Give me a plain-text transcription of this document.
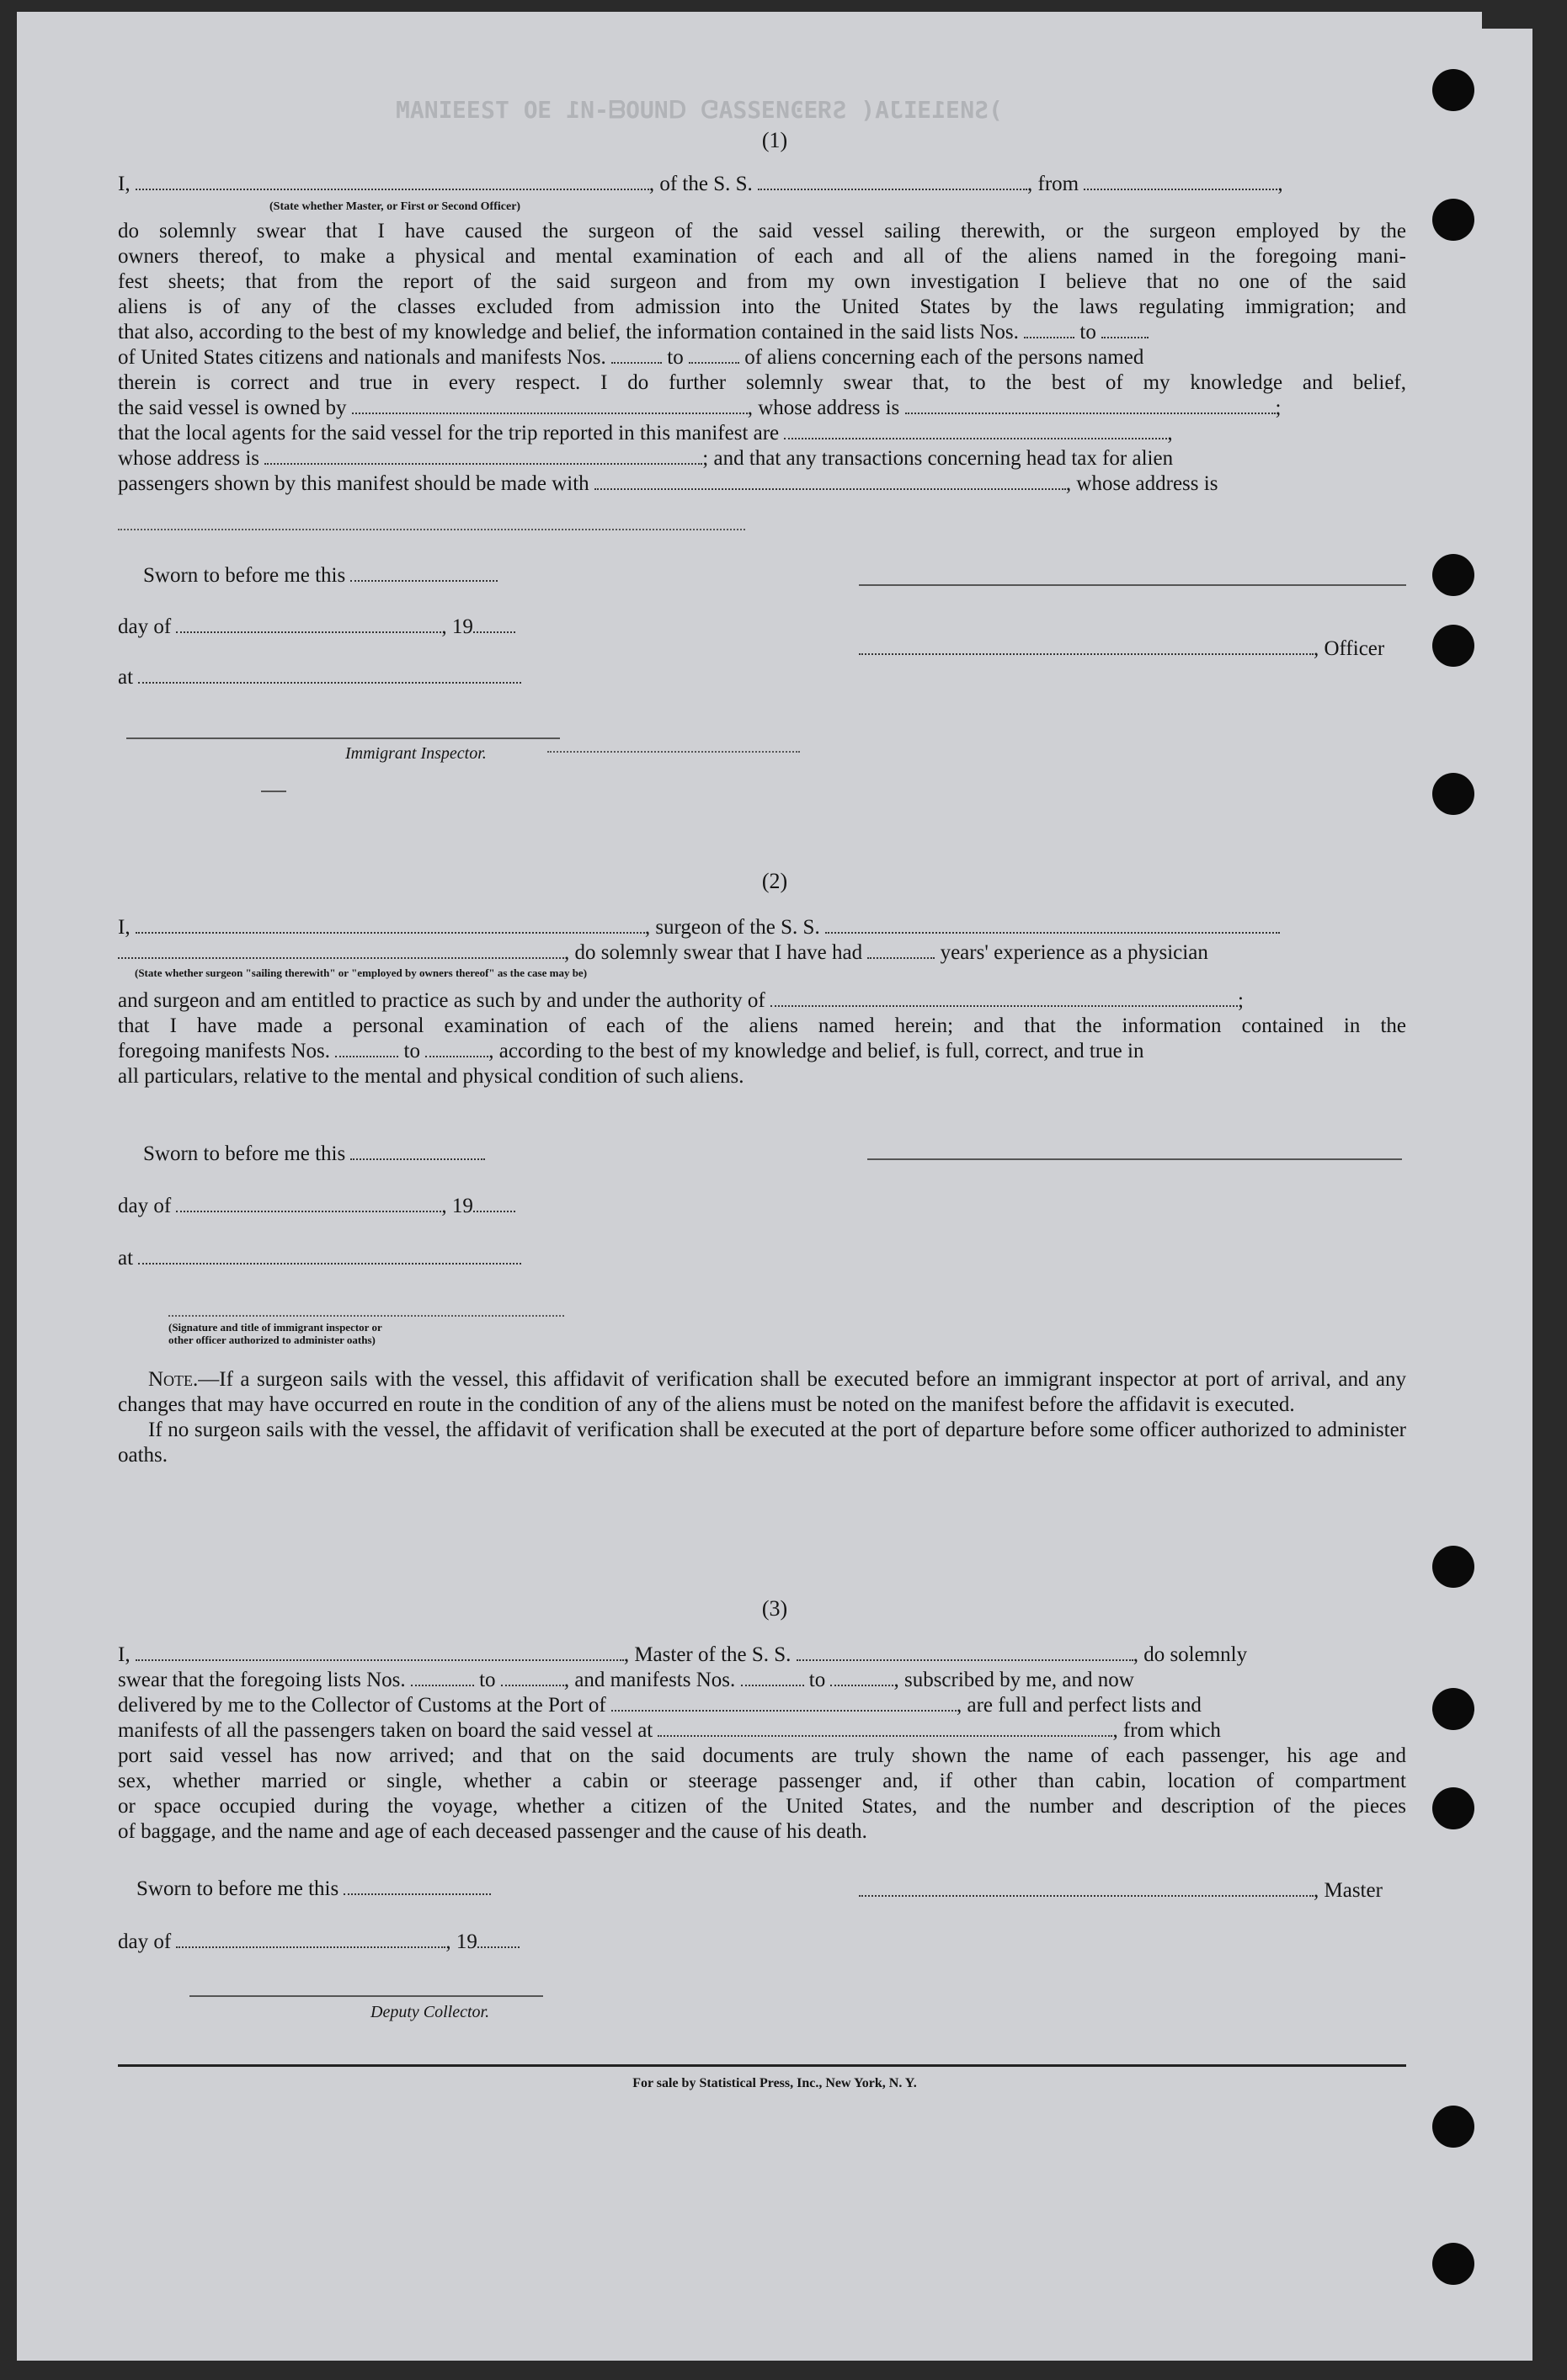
)SИƎ1ƎIJA( SЯƎϿИƎƧƧA⅁ ᗡИUOᗺ-И1 ƎO TƧƎƎIИAM
(1)
I,	, of the S. S.	, from	,
(State whether Master, or First or Second Officer)
do solemnly swear that I have caused the surgeon of the said vessel sailing therewith, or the surgeon employed by the
owners thereof, to make a physical and mental examination of each and all of the aliens named in the foregoing mani-
fest sheets; that from the report of the said surgeon and from my own investigation I believe that no one of the said
aliens is of any of the classes excluded from admission into the United States by the laws regulating immigration; and
that also, according to the best of my knowledge and belief, the information contained in the said lists Nos.	to
of United States citizens and nationals and manifests Nos.	to	of aliens concerning each of the persons named
therein is correct and true in every respect. I do further solemnly swear that, to the best of my knowledge and belief,
the said vessel is owned by	, whose address is	;
that the local agents for the said vessel for the trip reported in this manifest are	,
whose address is	; and that any transactions concerning head tax for alien
passengers shown by this manifest should be made with	, whose address is
Sworn to before me this
day of	, 19
, Officer
at
Immigrant Inspector.
(2)
I,	, surgeon of the S. S.
, do solemnly swear that I have had	years' experience as a physician
(State whether surgeon "sailing therewith" or "employed by owners thereof" as the case may be)
and surgeon and am entitled to practice as such by and under the authority of	;
that I have made a personal examination of each of the aliens named herein; and that the information contained in the
foregoing manifests Nos.	to	, according to the best of my knowledge and belief, is full, correct, and true in
all particulars, relative to the mental and physical condition of such aliens.
Sworn to before me this
day of	, 19
at
(Signature and title of immigrant inspector or
other officer authorized to administer oaths)

Note.—If a surgeon sails with the vessel, this affidavit of verification shall be executed before an immigrant inspector at port of arrival, and any changes that may have occurred en route in the condition of any of the aliens must be noted on the manifest before the affidavit is executed.

If no surgeon sails with the vessel, the affidavit of verification shall be executed at the port of departure before some officer authorized to administer oaths.

(3)
I,	, Master of the S. S.	, do solemnly
swear that the foregoing lists Nos.	to	, and manifests Nos.	to	, subscribed by me, and now
delivered by me to the Collector of Customs at the Port of	, are full and perfect lists and
manifests of all the passengers taken on board the said vessel at	, from which
port said vessel has now arrived; and that on the said documents are truly shown the name of each passenger, his age and
sex, whether married or single, whether a cabin or steerage passenger and, if other than cabin, location of compartment
or space occupied during the voyage, whether a citizen of the United States, and the number and description of the pieces
of baggage, and the name and age of each deceased passenger and the cause of his death.
Sworn to before me this	, Master
day of	, 19
Deputy Collector.
For sale by Statistical Press, Inc., New York, N. Y.
